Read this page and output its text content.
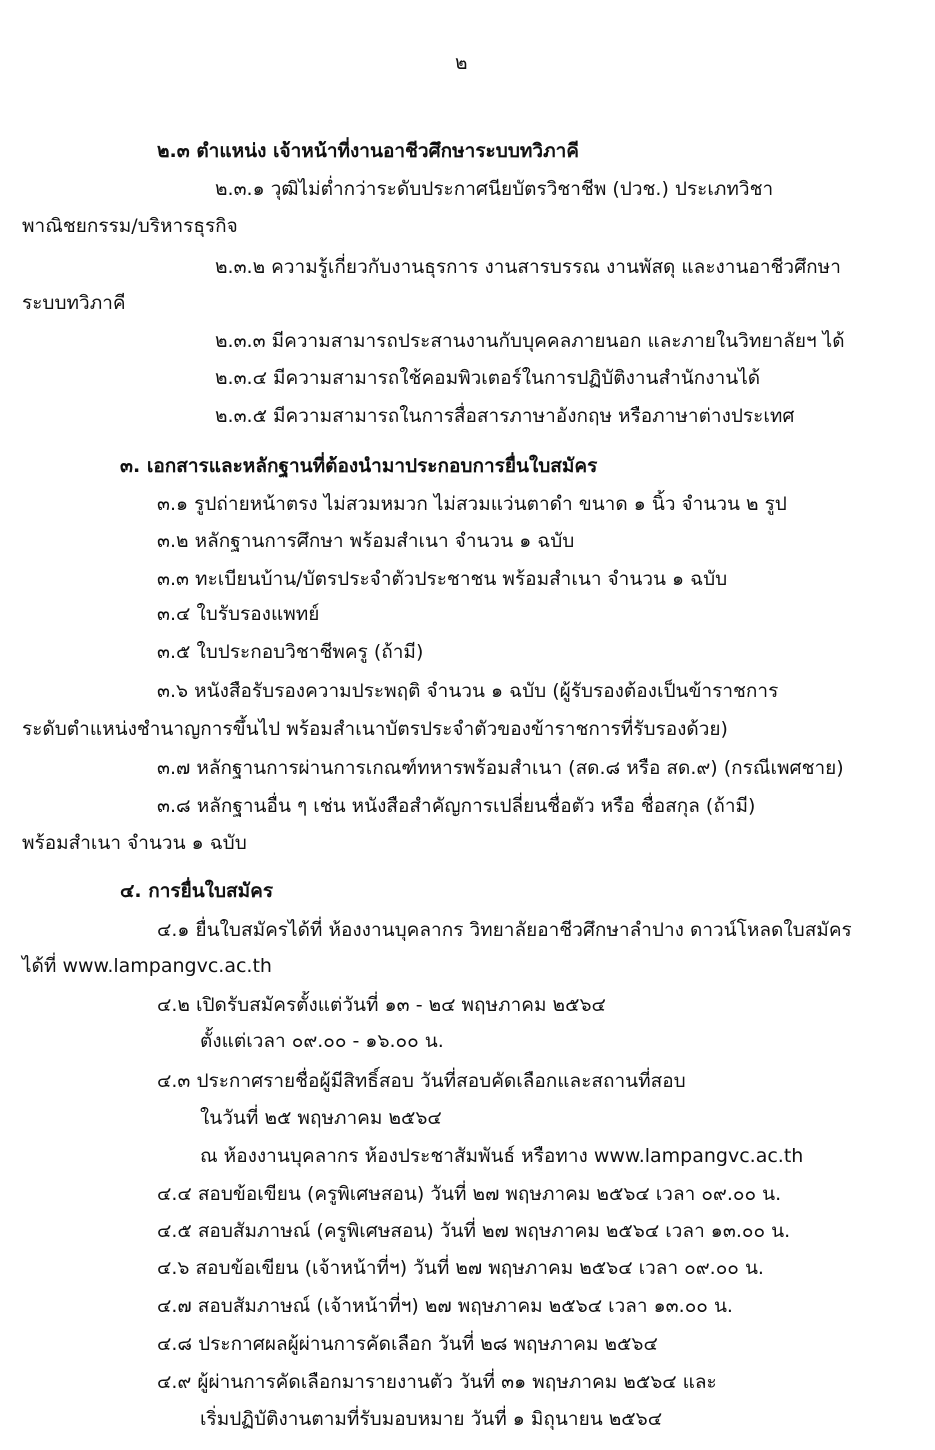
๒

๒.๓ ตำแหน่ง เจ้าหน้าที่งานอาชีวศึกษาระบบทวิภาคี

๒.๓.๑ วุฒิไม่ต่ำกว่าระดับประกาศนียบัตรวิชาชีพ (ปวช.) ประเภทวิชา

พาณิชยกรรม/บริหารธุรกิจ

๒.๓.๒ ความรู้เกี่ยวกับงานธุรการ งานสารบรรณ งานพัสดุ และงานอาชีวศึกษา

ระบบทวิภาคี

๒.๓.๓ มีความสามารถประสานงานกับบุคคลภายนอก และภายในวิทยาลัยฯ ได้

๒.๓.๔ มีความสามารถใช้คอมพิวเตอร์ในการปฏิบัติงานสำนักงานได้

๒.๓.๕ มีความสามารถในการสื่อสารภาษาอังกฤษ หรือภาษาต่างประเทศ

๓. เอกสารและหลักฐานที่ต้องนำมาประกอบการยื่นใบสมัคร

๓.๑ รูปถ่ายหน้าตรง ไม่สวมหมวก ไม่สวมแว่นตาดำ ขนาด ๑ นิ้ว จำนวน ๒ รูป

๓.๒ หลักฐานการศึกษา พร้อมสำเนา จำนวน ๑ ฉบับ

๓.๓ ทะเบียนบ้าน/บัตรประจำตัวประชาชน พร้อมสำเนา จำนวน ๑ ฉบับ

๓.๔ ใบรับรองแพทย์

๓.๕ ใบประกอบวิชาชีพครู (ถ้ามี)

๓.๖ หนังสือรับรองความประพฤติ จำนวน ๑ ฉบับ (ผู้รับรองต้องเป็นข้าราชการ

ระดับตำแหน่งชำนาญการขึ้นไป พร้อมสำเนาบัตรประจำตัวของข้าราชการที่รับรองด้วย)

๓.๗ หลักฐานการผ่านการเกณฑ์ทหารพร้อมสำเนา (สด.๘ หรือ สด.๙) (กรณีเพศชาย)

๓.๘ หลักฐานอื่น ๆ เช่น หนังสือสำคัญการเปลี่ยนชื่อตัว หรือ ชื่อสกุล (ถ้ามี)

พร้อมสำเนา จำนวน ๑ ฉบับ

๔. การยื่นใบสมัคร

๔.๑ ยื่นใบสมัครได้ที่ ห้องงานบุคลากร วิทยาลัยอาชีวศึกษาลำปาง ดาวน์โหลดใบสมัคร

ได้ที่ www.lampangvc.ac.th

๔.๒ เปิดรับสมัครตั้งแต่วันที่ ๑๓ - ๒๔ พฤษภาคม ๒๕๖๔

ตั้งแต่เวลา ๐๙.๐๐ - ๑๖.๐๐ น.

๔.๓ ประกาศรายชื่อผู้มีสิทธิ์สอบ วันที่สอบคัดเลือกและสถานที่สอบ

ในวันที่ ๒๕ พฤษภาคม ๒๕๖๔

ณ ห้องงานบุคลากร ห้องประชาสัมพันธ์ หรือทาง www.lampangvc.ac.th

๔.๔ สอบข้อเขียน (ครูพิเศษสอน) วันที่ ๒๗ พฤษภาคม ๒๕๖๔ เวลา ๐๙.๐๐ น.

๔.๕ สอบสัมภาษณ์ (ครูพิเศษสอน) วันที่ ๒๗ พฤษภาคม ๒๕๖๔ เวลา ๑๓.๐๐ น.

๔.๖ สอบข้อเขียน (เจ้าหน้าที่ฯ) วันที่ ๒๗ พฤษภาคม ๒๕๖๔ เวลา ๐๙.๐๐ น.

๔.๗ สอบสัมภาษณ์ (เจ้าหน้าที่ฯ) ๒๗ พฤษภาคม ๒๕๖๔ เวลา ๑๓.๐๐ น.

๔.๘ ประกาศผลผู้ผ่านการคัดเลือก วันที่ ๒๘ พฤษภาคม ๒๕๖๔

๔.๙ ผู้ผ่านการคัดเลือกมารายงานตัว วันที่ ๓๑ พฤษภาคม ๒๕๖๔ และ

เริ่มปฏิบัติงานตามที่รับมอบหมาย วันที่ ๑ มิถุนายน ๒๕๖๔
